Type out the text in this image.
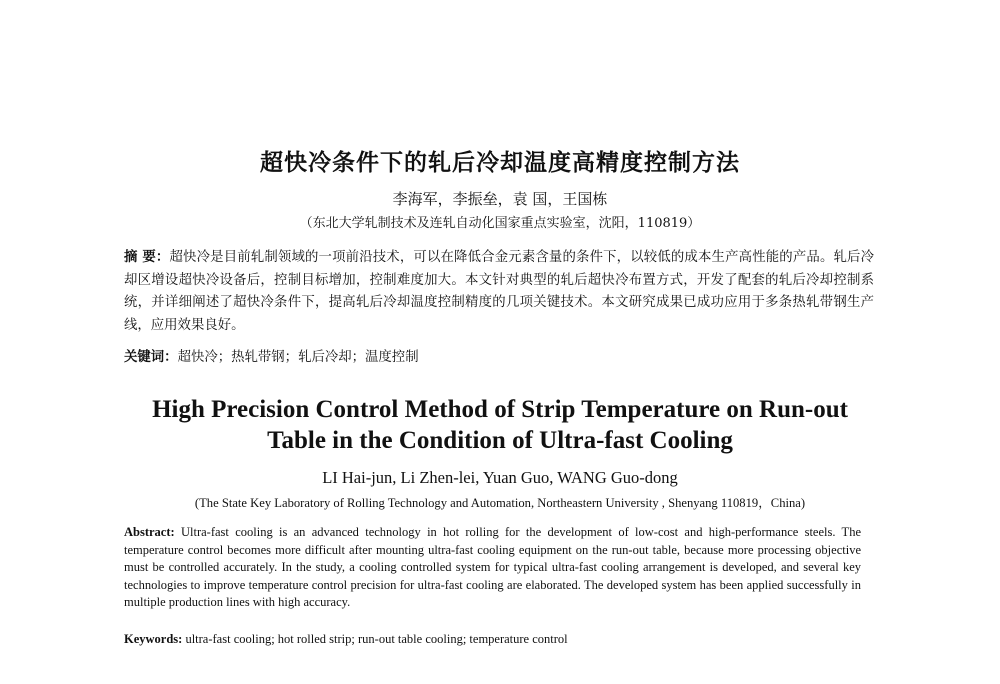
超快冷条件下的轧后冷却温度高精度控制方法
李海军，李振垒，袁 国，王国栋
（东北大学轧制技术及连轧自动化国家重点实验室，沈阳，110819）
摘 要：超快冷是目前轧制领域的一项前沿技术，可以在降低合金元素含量的条件下，以较低的成本生产高性能的产品。轧后冷却区增设超快冷设备后，控制目标增加，控制难度加大。本文针对典型的轧后超快冷布置方式，开发了配套的轧后冷却控制系统，并详细阐述了超快冷条件下，提高轧后冷却温度控制精度的几项关键技术。本文研究成果已成功应用于多条热轧带钢生产线，应用效果良好。
关键词：超快冷；热轧带钢；轧后冷却；温度控制
High Precision Control Method of Strip Temperature on Run-out
Table in the Condition of Ultra-fast Cooling
LI Hai-jun, Li Zhen-lei, Yuan Guo, WANG Guo-dong
(The State Key Laboratory of Rolling Technology and Automation, Northeastern University , Shenyang 110819，China)
Abstract: Ultra-fast cooling is an advanced technology in hot rolling for the development of low-cost and high-performance steels. The temperature control becomes more difficult after mounting ultra-fast cooling equipment on the run-out table, because more processing objective must be controlled accurately. In the study, a cooling controlled system for typical ultra-fast cooling arrangement is developed, and several key technologies to improve temperature control precision for ultra-fast cooling are elaborated. The developed system has been applied successfully in multiple production lines with high accuracy.
Keywords: ultra-fast cooling; hot rolled strip; run-out table cooling; temperature control
